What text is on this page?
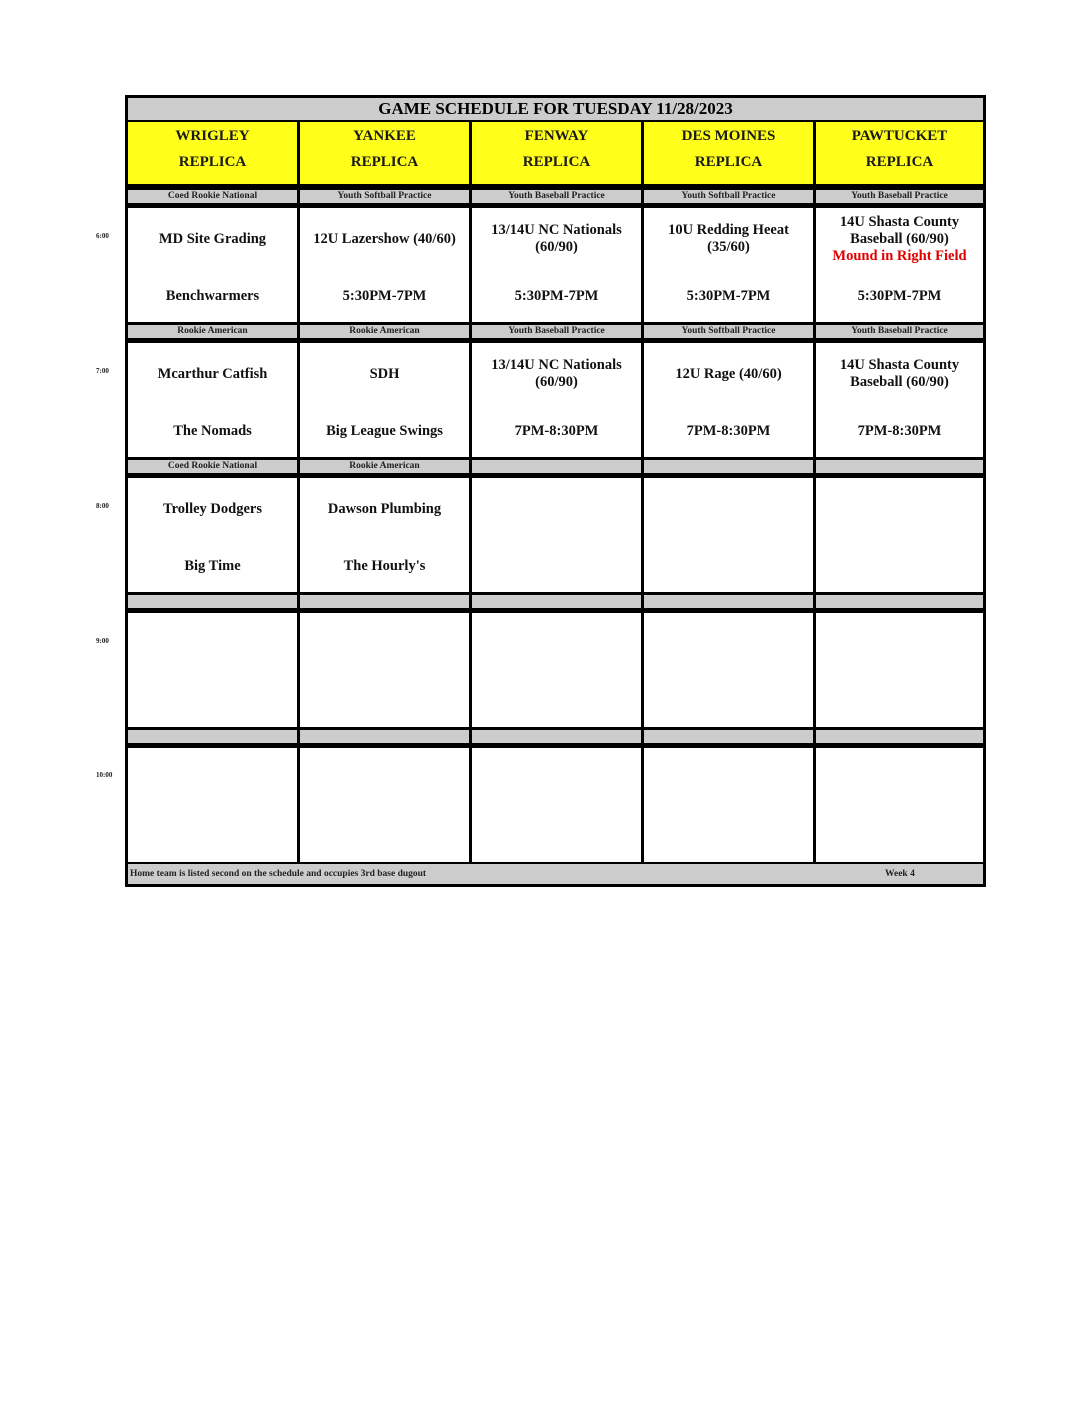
GAME SCHEDULE FOR TUESDAY 11/28/2023
Home team is listed second on the schedule and occupies 3rd base dugout	Week 4
WRIGLEY
REPLICA
YANKEE
REPLICA
FENWAY
REPLICA
DES MOINES
REPLICA
PAWTUCKET
REPLICA
Coed Rookie National
MD Site Grading
Benchwarmers
Youth Softball Practice
12U Lazershow (40/60)
5:30PM-7PM
Youth Baseball Practice
13/14U NC Nationals (60/90)
5:30PM-7PM
Youth Softball Practice
10U Redding Heeat (35/60)
5:30PM-7PM
Youth Baseball Practice
14U Shasta County Baseball (60/90)
Mound in Right Field
5:30PM-7PM
Rookie American
Mcarthur Catfish
The Nomads
Rookie American
SDH
Big League Swings
Youth Baseball Practice
13/14U NC Nationals (60/90)
7PM-8:30PM
Youth Softball Practice
12U Rage (40/60)
7PM-8:30PM
Youth Baseball Practice
14U Shasta County Baseball (60/90)
7PM-8:30PM
Coed Rookie National
Trolley Dodgers
Big Time
Rookie American
Dawson Plumbing
The Hourly's
6:00
7:00
8:00
9:00
10:00
